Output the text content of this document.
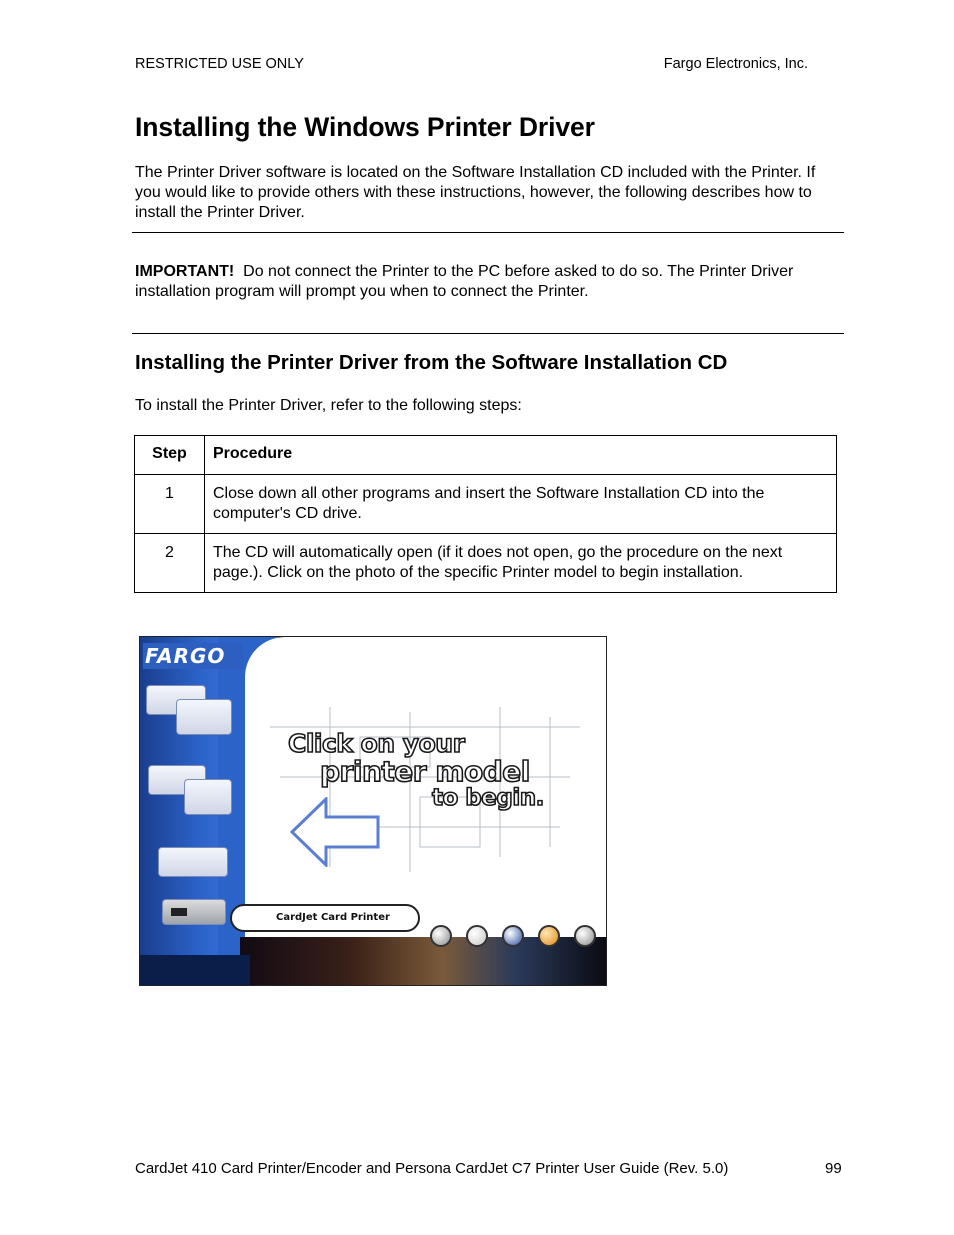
RESTRICTED USE ONLY	Fargo Electronics, Inc.
Installing the Windows Printer Driver

The Printer Driver software is located on the Software Installation CD included with the Printer. If you would like to provide others with these instructions, however, the following describes how to install the Printer Driver.

IMPORTANT! Do not connect the Printer to the PC before asked to do so. The Printer Driver installation program will prompt you when to connect the Printer.

Installing the Printer Driver from the Software Installation CD

To install the Printer Driver, refer to the following steps:

Step	Procedure
1	Close down all other programs and insert the Software Installation CD into the computer's CD drive.
2	The CD will automatically open (if it does not open, go the procedure on the next page.). Click on the photo of the specific Printer model to begin installation.
FARGO
Click on your
printer model
to begin.
CardJet Card Printer
CardJet 410 Card Printer/Encoder and Persona CardJet C7 Printer User Guide (Rev. 5.0)	99
